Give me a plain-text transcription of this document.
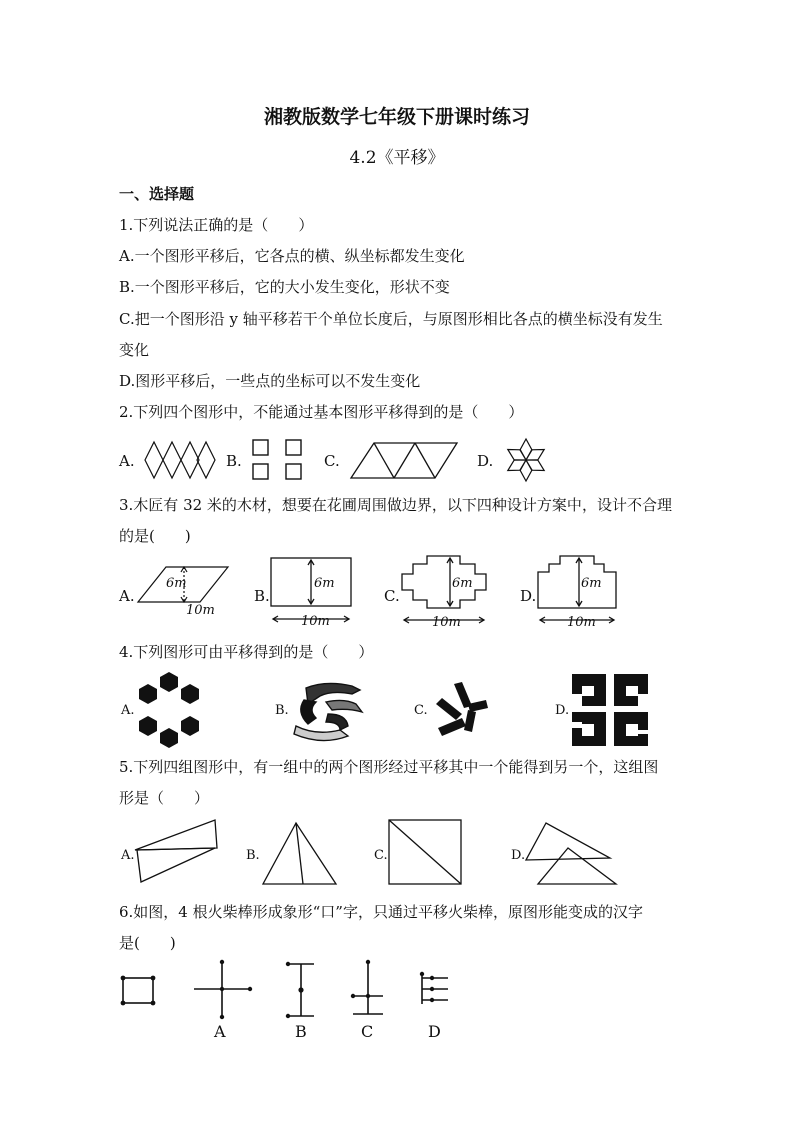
湘教版数学七年级下册课时练习
4.2《平移》
一、选择题
1.下列说法正确的是（　　）
A.一个图形平移后，它各点的横、纵坐标都发生变化
B.一个图形平移后，它的大小发生变化，形状不变
C.把一个图形沿 y 轴平移若干个单位长度后，与原图形相比各点的横坐标没有发生
变化
D.图形平移后，一些点的坐标可以不发生变化
2.下列四个图形中，不能通过基本图形平移得到的是（　　）
A.	B.	C.	D.
3.木匠有 32 米的木材，想要在花圃周围做边界，以下四种设计方案中，设计不合理
的是(　　)
A.	B.	C.	D.
6m
10m
6m
10m
6m
10m
6m
10m
4.下列图形可由平移得到的是（　　）
A.	B.	C.	D.
5.下列四组图形中，有一组中的两个图形经过平移其中一个能得到另一个，这组图
形是（　　）
A.	B.	C.	D.
6.如图，4 根火柴棒形成象形“口”字，只通过平移火柴棒，原图形能变成的汉字
是(　　)
A	B	C	D
